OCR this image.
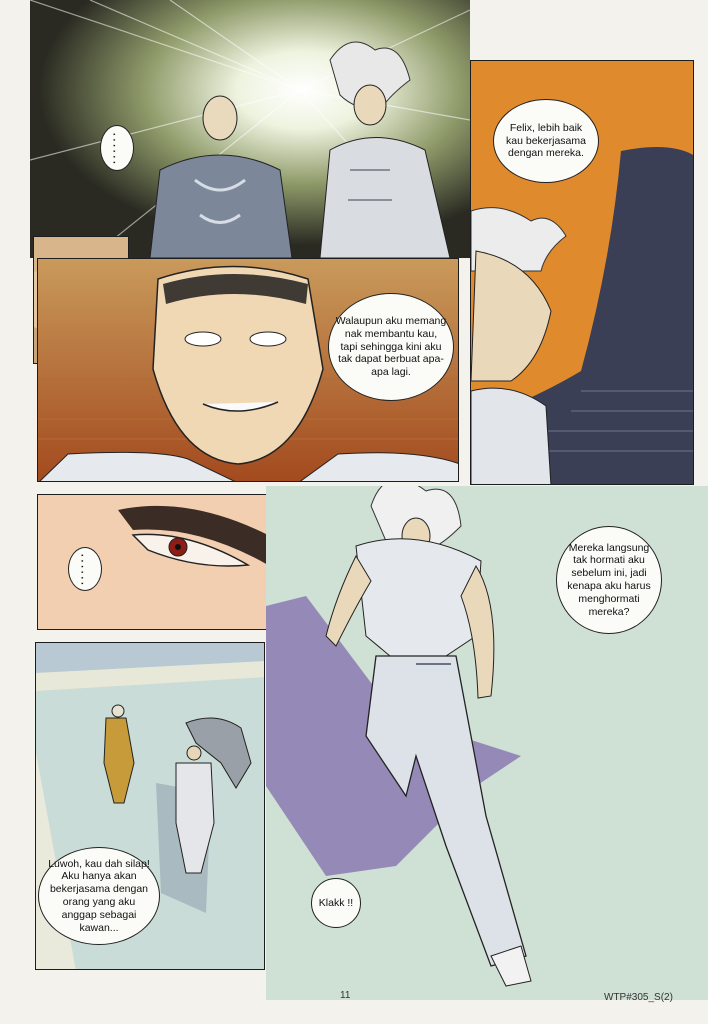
......
Felix, lebih baik kau bekerjasama dengan mereka.
Walaupun aku memang nak membantu kau, tapi sehingga kini aku tak dapat berbuat apa-apa lagi.
......
Luwoh, kau dah silap! Aku hanya akan bekerjasama dengan orang yang aku anggap sebagai kawan...
Mereka langsung tak hormati aku sebelum ini, jadi kenapa aku harus menghormati mereka?
Klakk !!
11	WTP#305_S(2)
